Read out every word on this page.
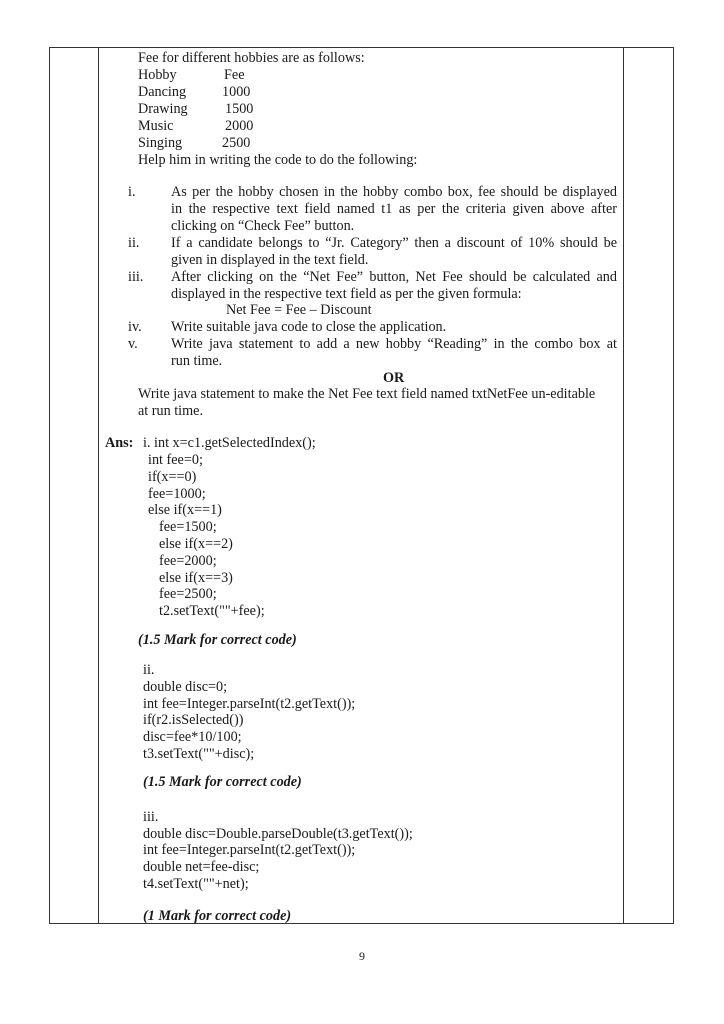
Fee for different hobbies are as follows:
Hobby	Fee
Dancing	1000
Drawing	1500
Music	2000
Singing	2500
Help him in writing the code to do the following:
i.	As per the hobby chosen in the hobby combo box, fee should be displayed
in the respective text field named t1 as per the criteria given above after
clicking on “Check Fee” button.
ii. If a candidate belongs to “Jr. Category” then a discount of 10% should be
given in displayed in the text field.
iii. After clicking on the “Net Fee” button, Net Fee should be calculated and
displayed in the respective text field as per the given formula:
Net Fee = Fee – Discount
iv. Write suitable java code to close the application.
v. Write java statement to add a new hobby “Reading” in the combo box at
run time.
OR
Write java statement to make the Net Fee text field named txtNetFee un-editable
at run time.
Ans: i. int x=c1.getSelectedIndex();
int fee=0;
if(x==0)
fee=1000;
else if(x==1)
fee=1500;
else if(x==2)
fee=2000;
else if(x==3)
fee=2500;
t2.setText(""+fee);
(1.5 Mark for correct code)
ii.
double disc=0;
int fee=Integer.parseInt(t2.getText());
if(r2.isSelected())
disc=fee*10/100;
t3.setText(""+disc);
(1.5 Mark for correct code)
iii.
double disc=Double.parseDouble(t3.getText());
int fee=Integer.parseInt(t2.getText());
double net=fee-disc;
t4.setText(""+net);
(1 Mark for correct code)
9
